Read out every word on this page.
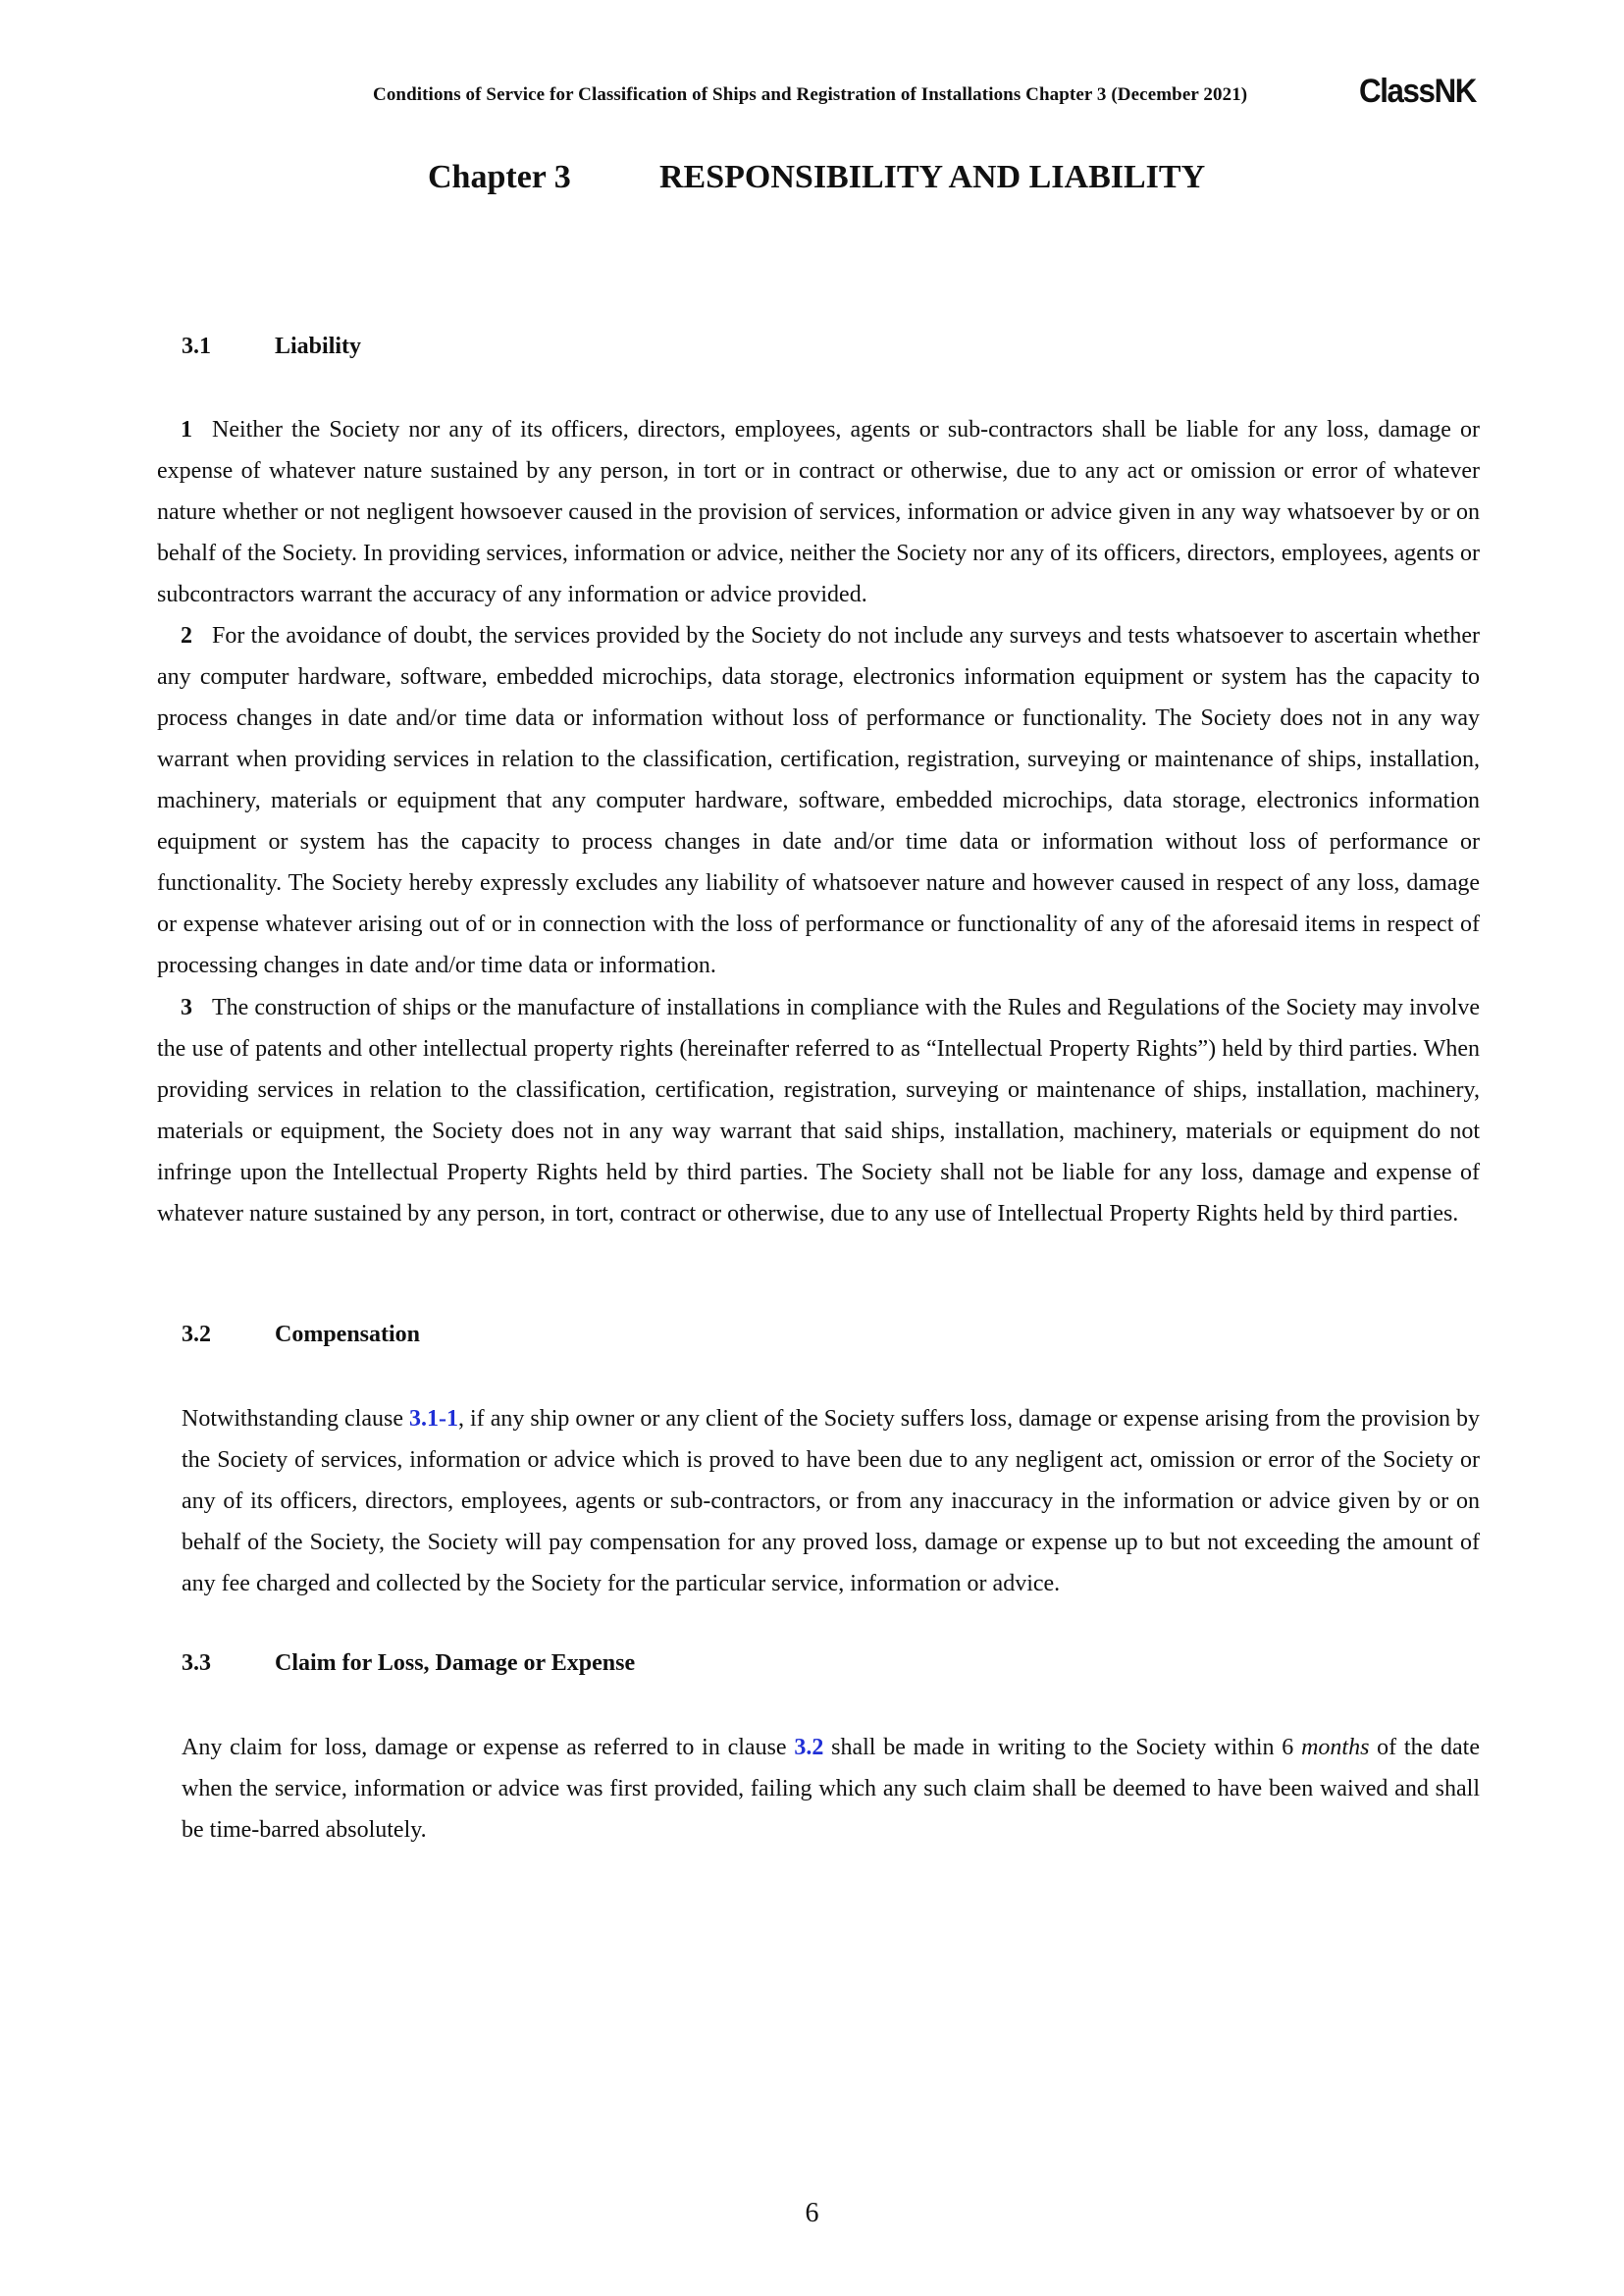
Conditions of Service for Classification of Ships and Registration of Installations Chapter 3 (December 2021)	ClassNK
Chapter 3	RESPONSIBILITY AND LIABILITY
3.1	Liability

1 Neither the Society nor any of its officers, directors, employees, agents or sub-contractors shall be liable for any loss, damage or expense of whatever nature sustained by any person, in tort or in contract or otherwise, due to any act or omission or error of whatever nature whether or not negligent howsoever caused in the provision of services, information or advice given in any way whatsoever by or on behalf of the Society. In providing services, information or advice, neither the Society nor any of its officers, directors, employees, agents or subcontractors warrant the accuracy of any information or advice provided.

2 For the avoidance of doubt, the services provided by the Society do not include any surveys and tests whatsoever to ascertain whether any computer hardware, software, embedded microchips, data storage, electronics information equipment or system has the capacity to process changes in date and/or time data or information without loss of performance or functionality. The Society does not in any way warrant when providing services in relation to the classification, certification, registration, surveying or maintenance of ships, installation, machinery, materials or equipment that any computer hardware, software, embedded microchips, data storage, electronics information equipment or system has the capacity to process changes in date and/or time data or information without loss of performance or functionality. The Society hereby expressly excludes any liability of whatsoever nature and however caused in respect of any loss, damage or expense whatever arising out of or in connection with the loss of performance or functionality of any of the aforesaid items in respect of processing changes in date and/or time data or information.

3 The construction of ships or the manufacture of installations in compliance with the Rules and Regulations of the Society may involve the use of patents and other intellectual property rights (hereinafter referred to as “Intellectual Property Rights”) held by third parties. When providing services in relation to the classification, certification, registration, surveying or maintenance of ships, installation, machinery, materials or equipment, the Society does not in any way warrant that said ships, installation, machinery, materials or equipment do not infringe upon the Intellectual Property Rights held by third parties. The Society shall not be liable for any loss, damage and expense of whatever nature sustained by any person, in tort, contract or otherwise, due to any use of Intellectual Property Rights held by third parties.

3.2	Compensation

Notwithstanding clause 3.1-1, if any ship owner or any client of the Society suffers loss, damage or expense arising from the provision by the Society of services, information or advice which is proved to have been due to any negligent act, omission or error of the Society or any of its officers, directors, employees, agents or sub-contractors, or from any inaccuracy in the information or advice given by or on behalf of the Society, the Society will pay compensation for any proved loss, damage or expense up to but not exceeding the amount of any fee charged and collected by the Society for the particular service, information or advice.

3.3	Claim for Loss, Damage or Expense

Any claim for loss, damage or expense as referred to in clause 3.2 shall be made in writing to the Society within 6 months of the date when the service, information or advice was first provided, failing which any such claim shall be deemed to have been waived and shall be time-barred absolutely.

6
